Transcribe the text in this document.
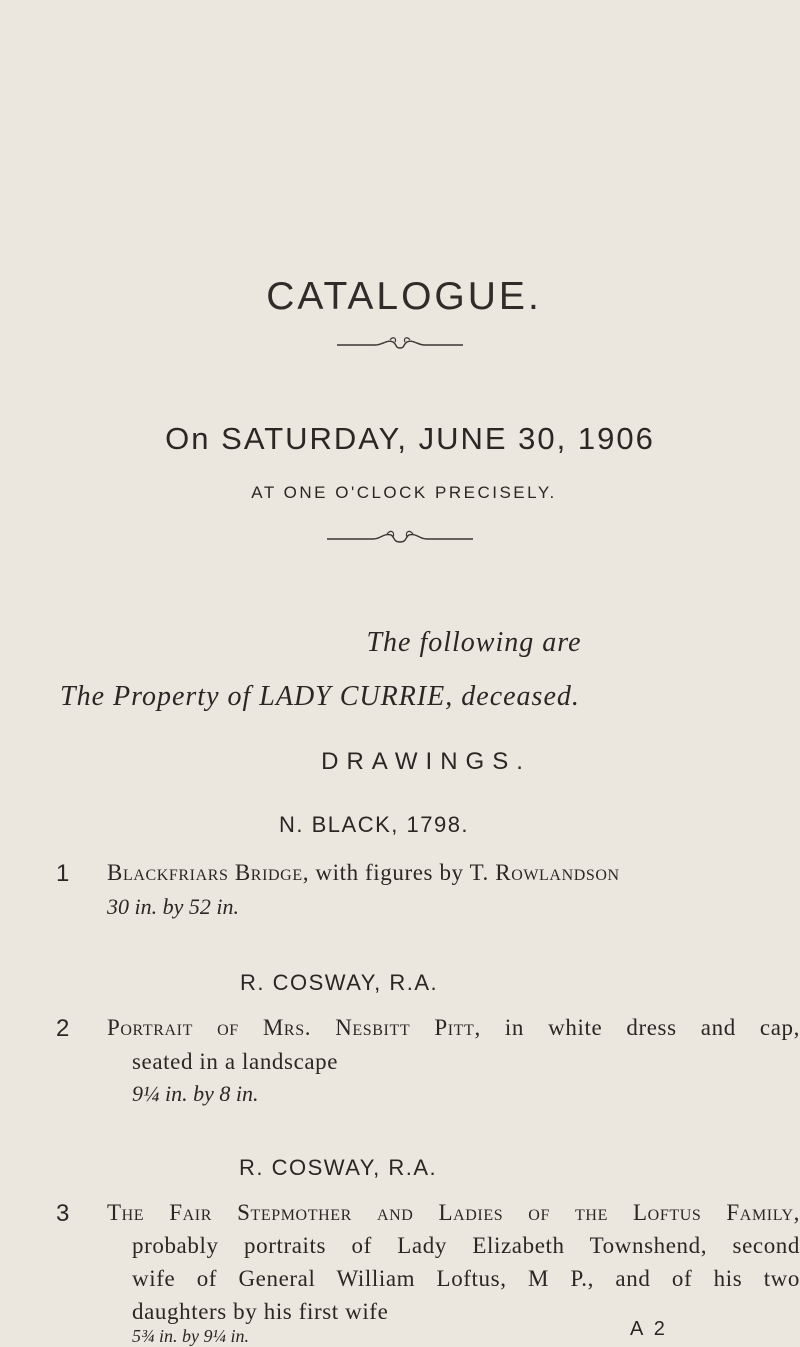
CATALOGUE.
On SATURDAY, JUNE 30, 1906
AT ONE O'CLOCK PRECISELY.
The following are
The Property of LADY CURRIE, deceased.
DRAWINGS.
N. BLACK, 1798.
1 Blackfriars Bridge, with figures by T. Rowlandson
30 in. by 52 in.
R. COSWAY, R.A.
2 Portrait of Mrs. Nesbitt Pitt, in white dress and cap,
seated in a landscape
9¼ in. by 8 in.
R. COSWAY, R.A.
3 The Fair Stepmother and Ladies of the Loftus Family,
probably portraits of Lady Elizabeth Townshend, second
wife of General William Loftus, M P., and of his two
daughters by his first wife
5¾ in. by 9¼ in.	A 2
